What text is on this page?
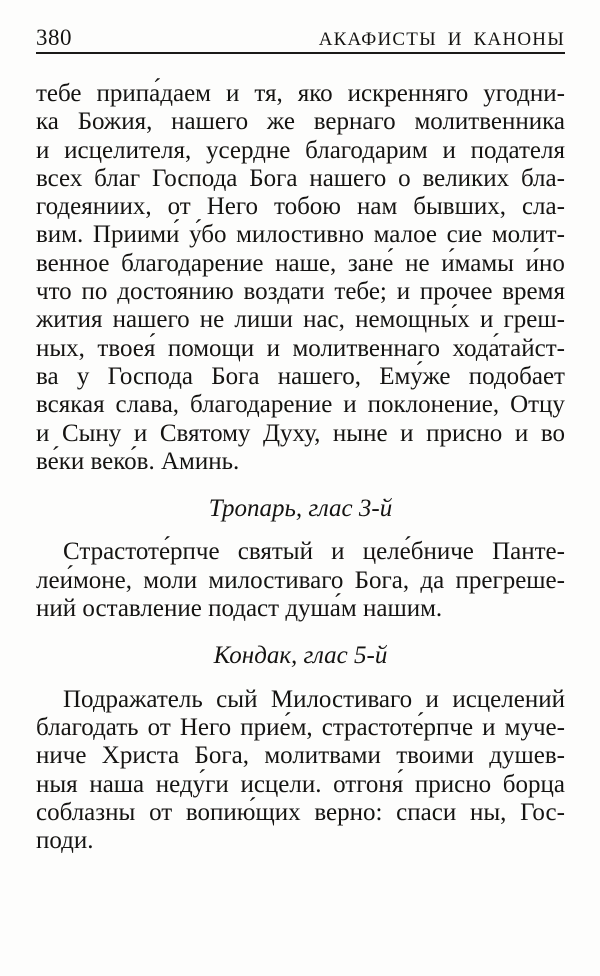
380	АКАФИСТЫ И КАНОНЫ
тебе припа́даем и тя, яко искренняго угодни-
ка Божия, нашего же вернаго молитвенника
и исцелителя, усердне благодарим и подателя
всех благ Господа Бога нашего о великих бла-
годеяниих, от Него тобою нам бывших, сла-
вим. Приими́ у́бо милостивно малое сие молит-
венное благодарение наше, зане́ не и́мамы и́но
что по достоянию воздати тебе; и прочее время
жития нашего не лиши нас, немощны́х и греш-
ных, твоея́ помощи и молитвеннаго хода́тайст-
ва у Господа Бога нашего, Ему́же подобает
всякая слава, благодарение и поклонение, Отцу
и Сыну и Святому Духу, ныне и присно и во
ве́ки веко́в. Аминь.
Тропарь, глас 3-й
Страстоте́рпче святый и целе́бниче Панте-
леи́моне, моли милостиваго Бога, да прегреше-
ний оставление подаст душа́м нашим.
Кондак, глас 5-й
Подражатель сый Милостиваго и исцелений
благодать от Него прие́м, страстоте́рпче и муче-
ниче Христа Бога, молитвами твоими душев-
ныя наша неду́ги исцели. отгоня́ присно борца
соблазны от вопию́щих верно: спаси ны, Гос-
поди.
